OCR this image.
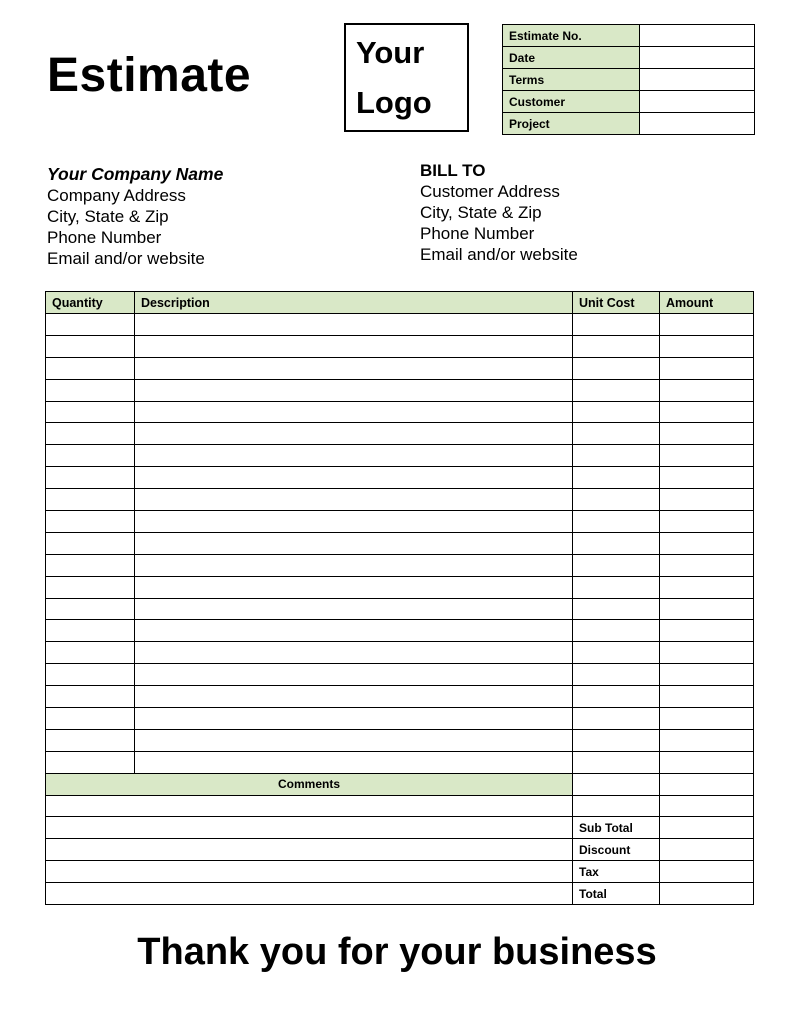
Estimate	Your
Logo
Estimate No.	
Date	
Terms	
Customer	
Project	
Your Company Name
Company Address
City, State & Zip
Phone Number
Email and/or website
BILL TO
Customer Address
City, State & Zip
Phone Number
Email and/or website
Quantity	Description	Unit Cost	Amount

Comments			

		Sub Total	
		Discount	
		Tax	
		Total	
Thank you for your business
